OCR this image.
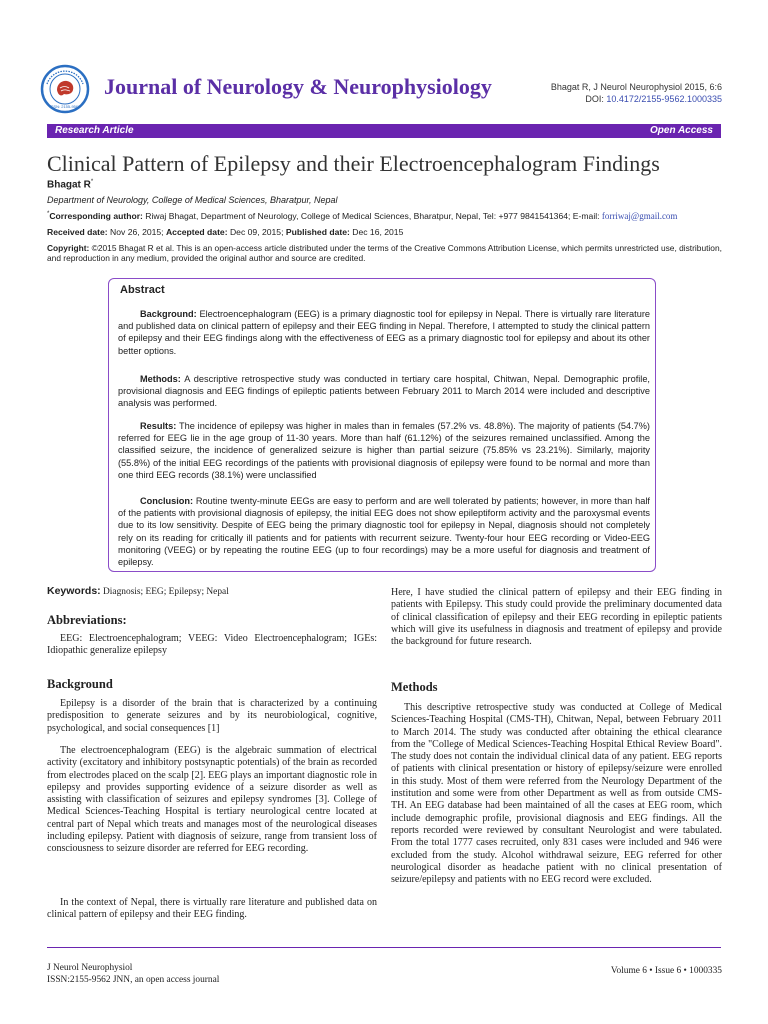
ISSN: 2155-9562
Journal of Neurology & Neurophysiology	Bhagat R, J Neurol Neurophysiol 2015, 6:6
DOI: 10.4172/2155-9562.1000335
Research Article	Open Access
Clinical Pattern of Epilepsy and their Electroencephalogram Findings
Bhagat R*
Department of Neurology, College of Medical Sciences, Bharatpur, Nepal
*Corresponding author: Riwaj Bhagat, Department of Neurology, College of Medical Sciences, Bharatpur, Nepal, Tel: +977 9841541364; E-mail: forriwaj@gmail.com
Received date: Nov 26, 2015; Accepted date: Dec 09, 2015; Published date: Dec 16, 2015
Copyright: ©2015 Bhagat R et al. This is an open-access article distributed under the terms of the Creative Commons Attribution License, which permits unrestricted use, distribution, and reproduction in any medium, provided the original author and source are credited.
Abstract
Background: Electroencephalogram (EEG) is a primary diagnostic tool for epilepsy in Nepal. There is virtually rare literature and published data on clinical pattern of epilepsy and their EEG finding in Nepal. Therefore, I attempted to study the clinical pattern of epilepsy and their EEG findings along with the effectiveness of EEG as a primary diagnostic tool for epilepsy and about its other better options.
Methods: A descriptive retrospective study was conducted in tertiary care hospital, Chitwan, Nepal. Demographic profile, provisional diagnosis and EEG findings of epileptic patients between February 2011 to March 2014 were included and descriptive analysis was performed.
Results: The incidence of epilepsy was higher in males than in females (57.2% vs. 48.8%). The majority of patients (54.7%) referred for EEG lie in the age group of 11-30 years. More than half (61.12%) of the seizures remained unclassified. Among the classified seizure, the incidence of generalized seizure is higher than partial seizure (75.85% vs 23.21%). Similarly, majority (55.8%) of the initial EEG recordings of the patients with provisional diagnosis of epilepsy were found to be normal and more than one third EEG records (38.1%) were unclassified
Conclusion: Routine twenty-minute EEGs are easy to perform and are well tolerated by patients; however, in more than half of the patients with provisional diagnosis of epilepsy, the initial EEG does not show epileptiform activity and the paroxysmal events due to its low sensitivity. Despite of EEG being the primary diagnostic tool for epilepsy in Nepal, diagnosis should not completely rely on its reading for critically ill patients and for patients with recurrent seizure. Twenty-four hour EEG recording or Video-EEG monitoring (VEEG) or by repeating the routine EEG (up to four recordings) may be a more useful for diagnosis and treatment of epilepsy.
Keywords: Diagnosis; EEG; Epilepsy; Nepal
Abbreviations:
EEG: Electroencephalogram; VEEG: Video Electroencephalogram; IGEs: Idiopathic generalize epilepsy
Background
Epilepsy is a disorder of the brain that is characterized by a continuing predisposition to generate seizures and by its neurobiological, cognitive, psychological, and social consequences [1]
The electroencephalogram (EEG) is the algebraic summation of electrical activity (excitatory and inhibitory postsynaptic potentials) of the brain as recorded from electrodes placed on the scalp [2]. EEG plays an important diagnostic role in epilepsy and provides supporting evidence of a seizure disorder as well as assisting with classification of seizures and epilepsy syndromes [3]. College of Medical Sciences-Teaching Hospital is tertiary neurological centre located at central part of Nepal which treats and manages most of the neurological diseases including epilepsy. Patient with diagnosis of seizure, range from transient loss of consciousness to seizure disorder are referred for EEG recording.
In the context of Nepal, there is virtually rare literature and published data on clinical pattern of epilepsy and their EEG finding.
Here, I have studied the clinical pattern of epilepsy and their EEG finding in patients with Epilepsy. This study could provide the preliminary documented data of clinical classification of epilepsy and their EEG recording in epileptic patients which will give its usefulness in diagnosis and treatment of epilepsy and provide the background for future research.
Methods
This descriptive retrospective study was conducted at College of Medical Sciences-Teaching Hospital (CMS-TH), Chitwan, Nepal, between February 2011 to March 2014. The study was conducted after obtaining the ethical clearance from the "College of Medical Sciences-Teaching Hospital Ethical Review Board". The study does not contain the individual clinical data of any patient. EEG reports of patients with clinical presentation or history of epilepsy/seizure were enrolled in this study. Most of them were referred from the Neurology Department of the institution and some were from other Department as well as from outside CMS-TH. An EEG database had been maintained of all the cases at EEG room, which include demographic profile, provisional diagnosis and EEG findings. All the reports recorded were reviewed by consultant Neurologist and were tabulated. From the total 1777 cases recruited, only 831 cases were included and 946 were excluded from the study. Alcohol withdrawal seizure, EEG referred for other neurological disorder as headache patient with no clinical presentation of seizure/epilepsy and patients with no EEG record were excluded.
J Neurol Neurophysiol
ISSN:2155-9562 JNN, an open access journal
Volume 6 • Issue 6 • 1000335
